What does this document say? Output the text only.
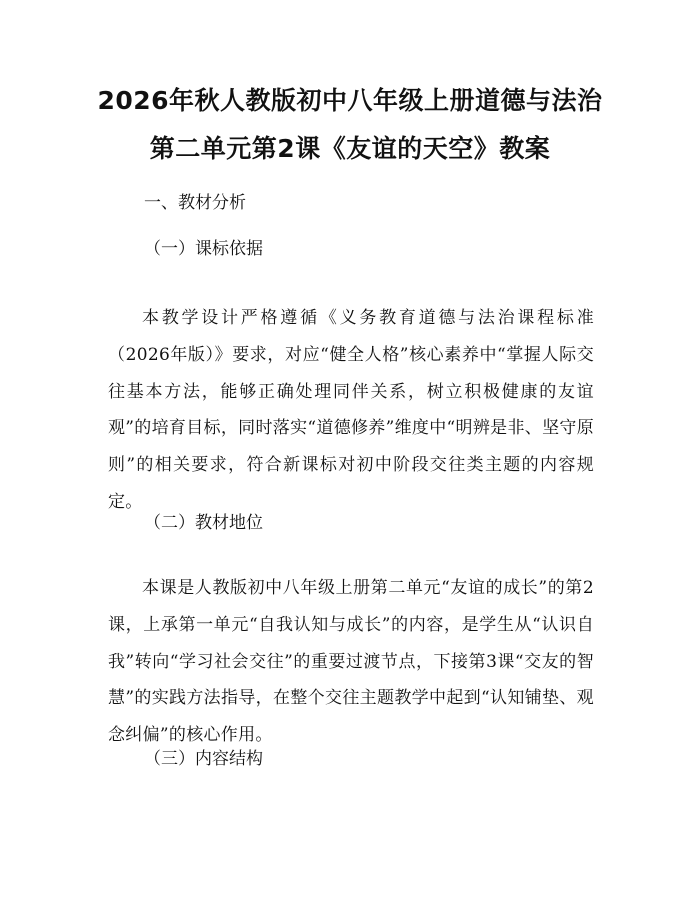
2026年秋人教版初中八年级上册道德与法治
第二单元第2课《友谊的天空》教案
一、教材分析
（一）课标依据

本教学设计严格遵循《义务教育道德与法治课程标准（2026年版）》要求，对应“健全人格”核心素养中“掌握人际交往基本方法，能够正确处理同伴关系，树立积极健康的友谊观”的培育目标，同时落实“道德修养”维度中“明辨是非、坚守原则”的相关要求，符合新课标对初中阶段交往类主题的内容规定。

（二）教材地位

本课是人教版初中八年级上册第二单元“友谊的成长”的第2课，上承第一单元“自我认知与成长”的内容，是学生从“认识自我”转向“学习社会交往”的重要过渡节点，下接第3课“交友的智慧”的实践方法指导，在整个交往主题教学中起到“认知铺垫、观念纠偏”的核心作用。

（三）内容结构
